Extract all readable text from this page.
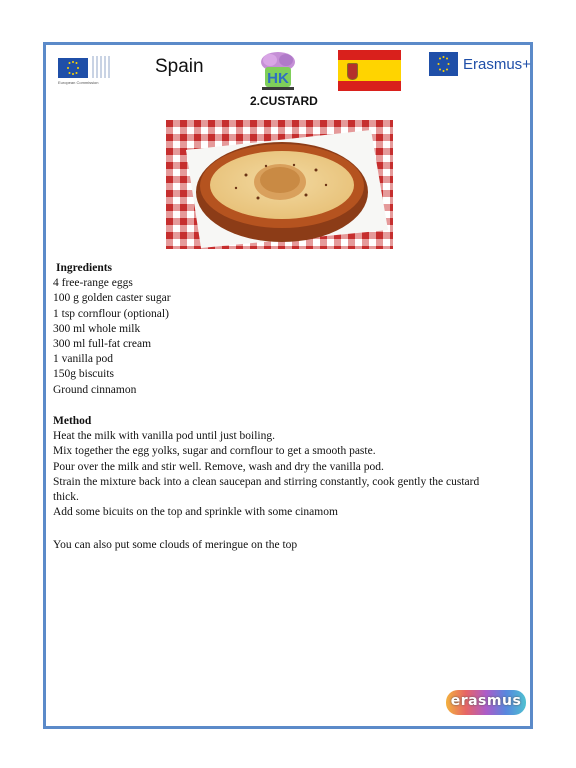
European Commission
Spain
HK
Erasmus+
2.CUSTARD
Ingredients
4 free-range eggs
100 g golden caster sugar
1 tsp cornflour (optional)
300 ml whole milk
300 ml full-fat cream
1 vanilla pod
150g biscuits
Ground cinnamon
Method
Heat the milk with vanilla pod until just boiling.
Mix together the egg yolks, sugar and cornflour to get a smooth paste.
Pour over the milk and stir well. Remove, wash and dry the vanilla pod.
Strain the mixture back into a clean saucepan and stirring constantly, cook gently the custard thick.
Add some bicuits on the top and sprinkle with some cinamom
You can also put some clouds of meringue on the top
erasmus
